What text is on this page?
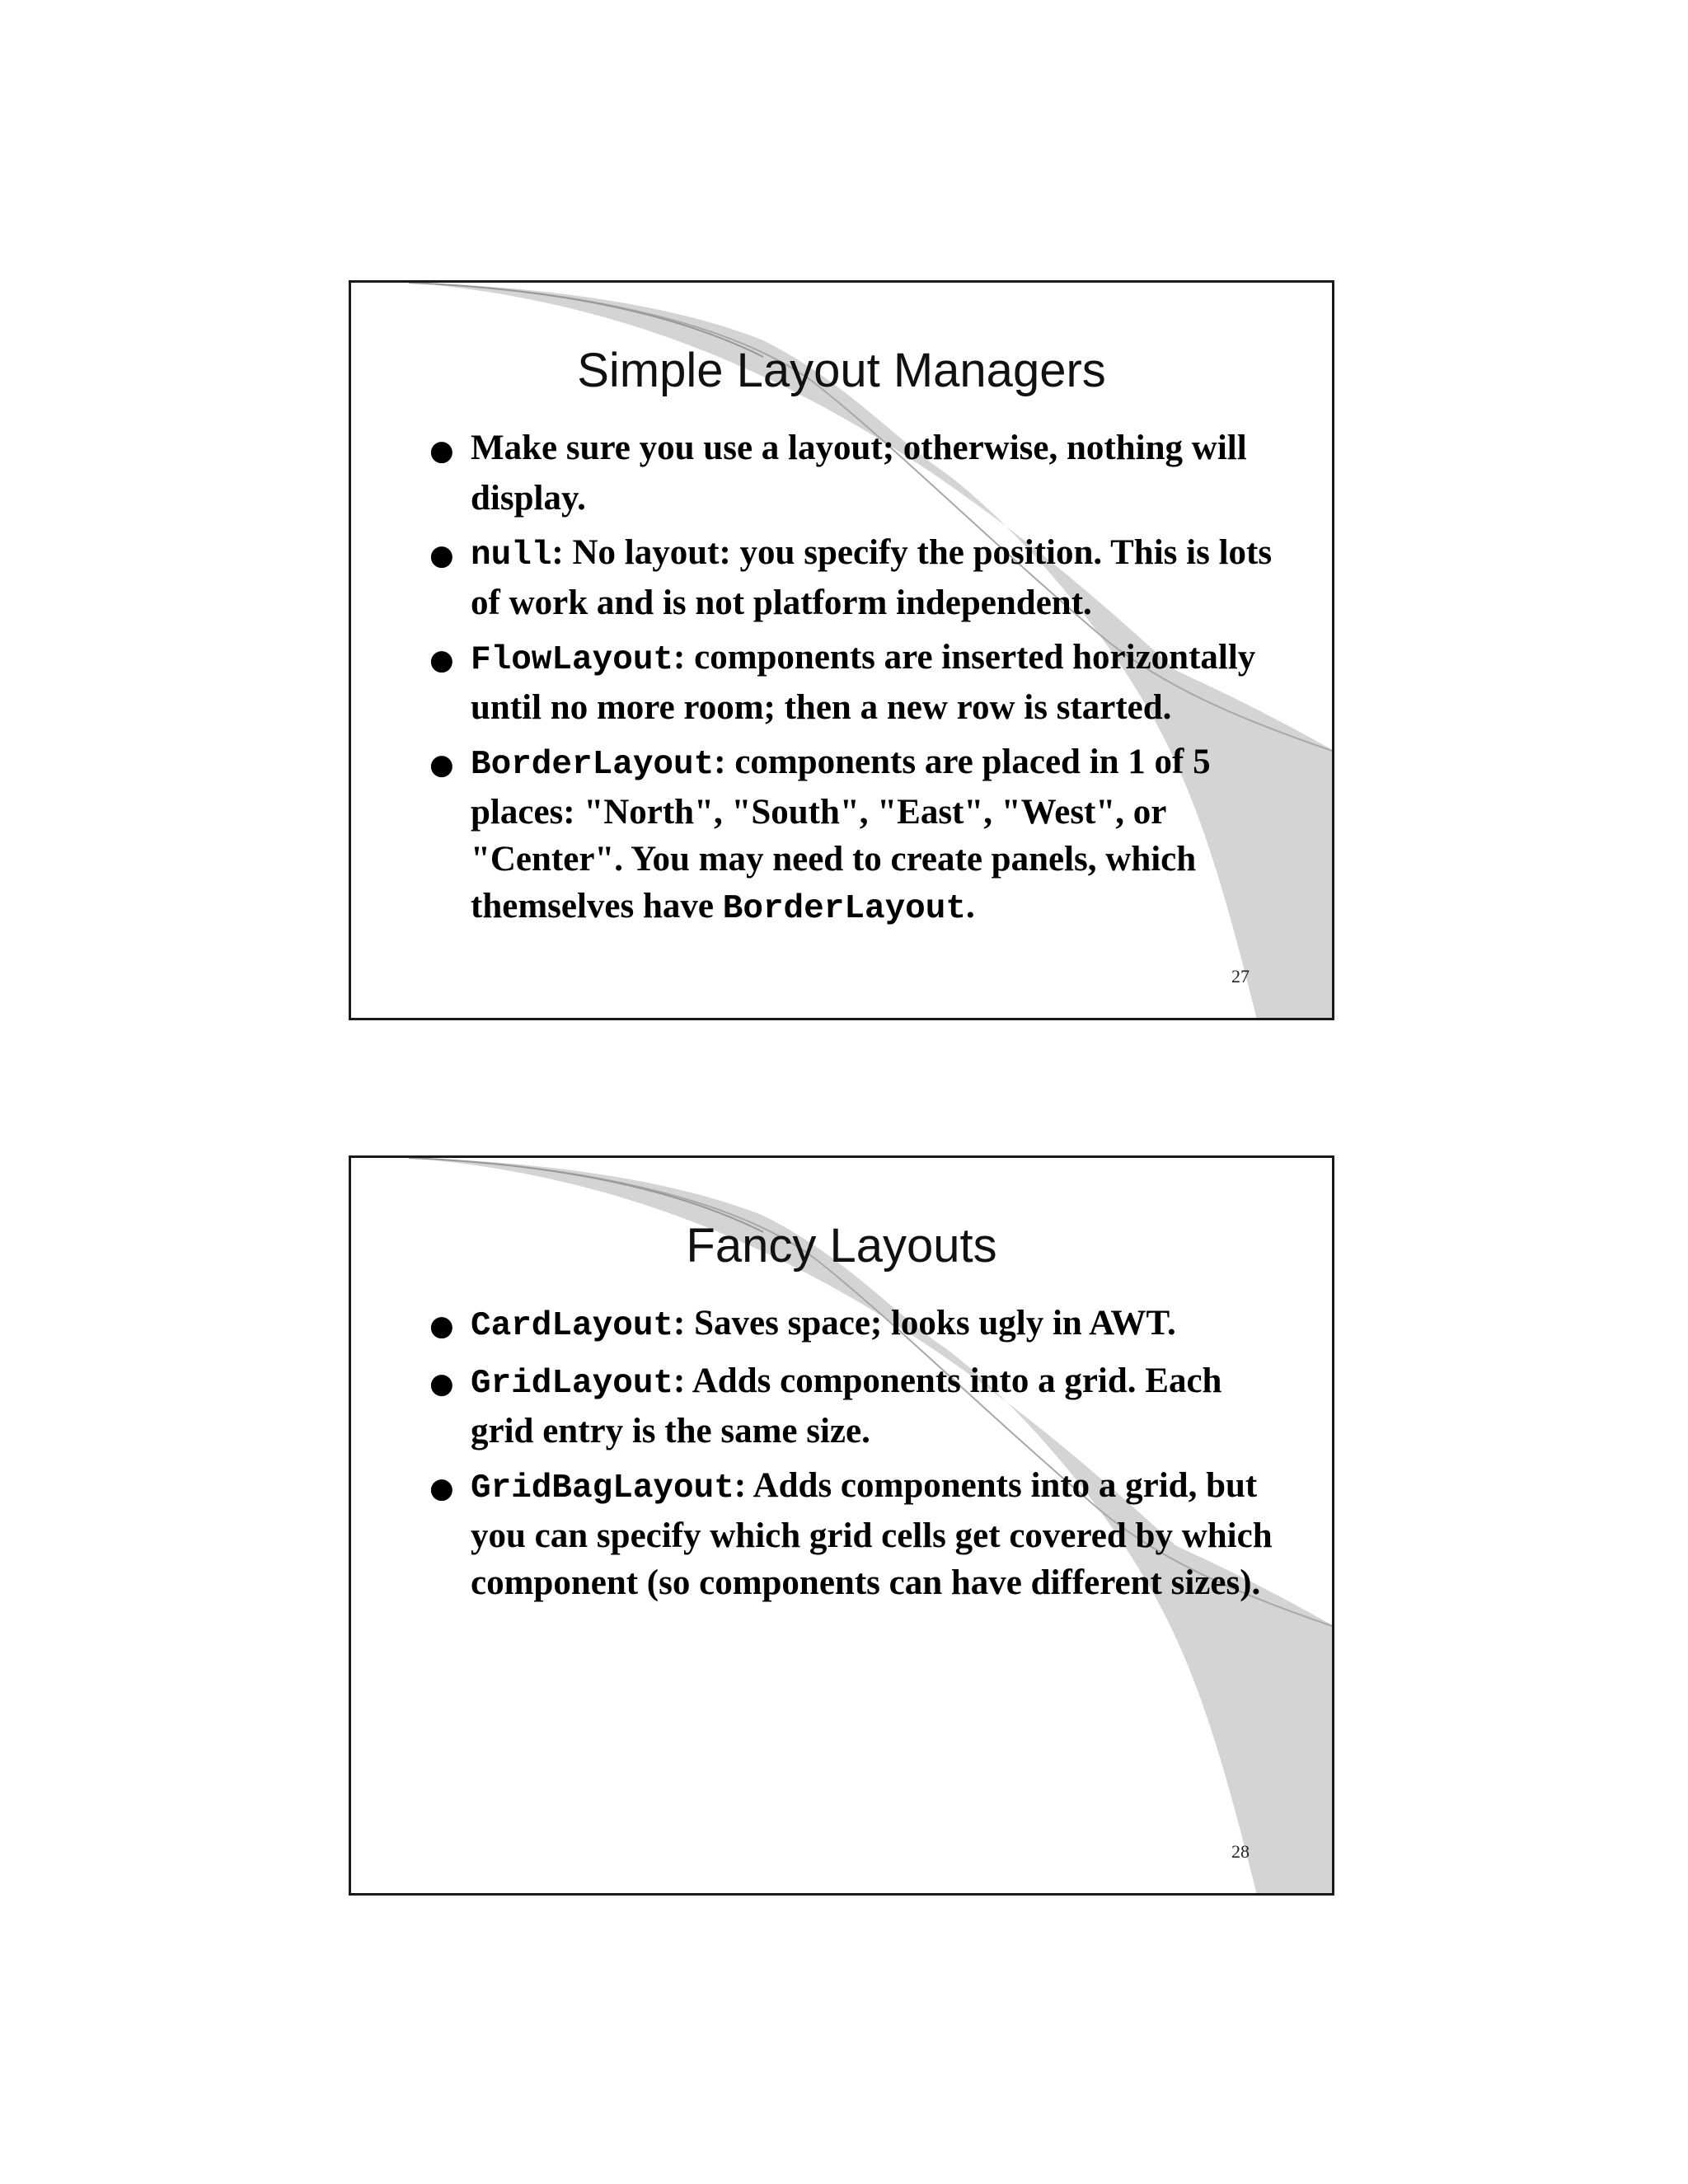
Simple Layout Managers
● Make sure you use a layout; otherwise, nothing will display.
● null: No layout: you specify the position. This is lots of work and is not platform independent.
● FlowLayout: components are inserted horizontally until no more room; then a new row is started.
● BorderLayout: components are placed in 1 of 5 places: "North", "South", "East", "West", or "Center". You may need to create panels, which themselves have BorderLayout.
27
Fancy Layouts
● CardLayout: Saves space; looks ugly in AWT.
● GridLayout: Adds components into a grid. Each grid entry is the same size.
● GridBagLayout: Adds components into a grid, but you can specify which grid cells get covered by which component (so components can have different sizes).
28
